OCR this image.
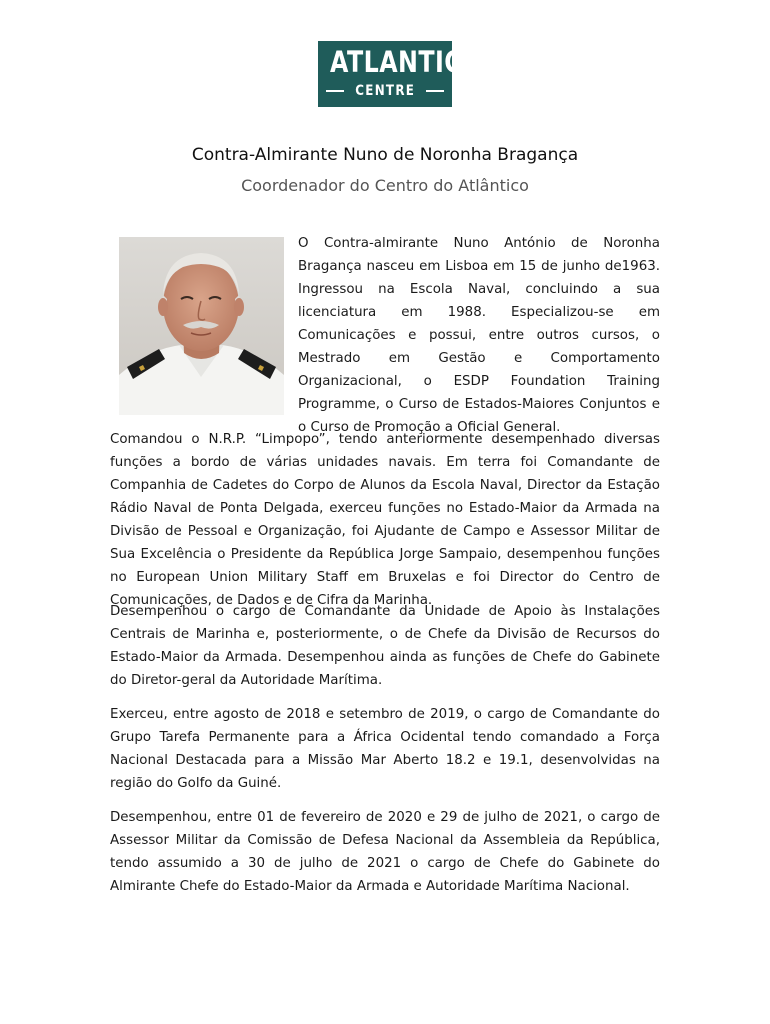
ATLANTIC
CENTRE
Contra-Almirante Nuno de Noronha Bragança
Coordenador do Centro do Atlântico
O Contra-almirante Nuno António de Noronha Bragança nasceu em Lisboa em 15 de junho de1963. Ingressou na Escola Naval, concluindo a sua licenciatura em 1988. Especializou-se em Comunicações e possui, entre outros cursos, o Mestrado em Gestão e Comportamento Organizacional, o ESDP Foundation Training Programme, o Curso de Estados-Maiores Conjuntos e o Curso de Promoção a Oficial General.
Comandou o N.R.P. “Limpopo”, tendo anteriormente desempenhado diversas funções a bordo de várias unidades navais. Em terra foi Comandante de Companhia de Cadetes do Corpo de Alunos da Escola Naval, Director da Estação Rádio Naval de Ponta Delgada, exerceu funções no Estado-Maior da Armada na Divisão de Pessoal e Organização, foi Ajudante de Campo e Assessor Militar de Sua Excelência o Presidente da República Jorge Sampaio, desempenhou funções no European Union Military Staff em Bruxelas e foi Director do Centro de Comunicações, de Dados e de Cifra da Marinha.
Desempenhou o cargo de Comandante da Unidade de Apoio às Instalações Centrais de Marinha e, posteriormente, o de Chefe da Divisão de Recursos do Estado-Maior da Armada. Desempenhou ainda as funções de Chefe do Gabinete do Diretor-geral da Autoridade Marítima.
Exerceu, entre agosto de 2018 e setembro de 2019, o cargo de Comandante do Grupo Tarefa Permanente para a África Ocidental tendo comandado a Força Nacional Destacada para a Missão Mar Aberto 18.2 e 19.1, desenvolvidas na região do Golfo da Guiné.
Desempenhou, entre 01 de fevereiro de 2020 e 29 de julho de 2021, o cargo de Assessor Militar da Comissão de Defesa Nacional da Assembleia da República, tendo assumido a 30 de julho de 2021 o cargo de Chefe do Gabinete do Almirante Chefe do Estado-Maior da Armada e Autoridade Marítima Nacional.
